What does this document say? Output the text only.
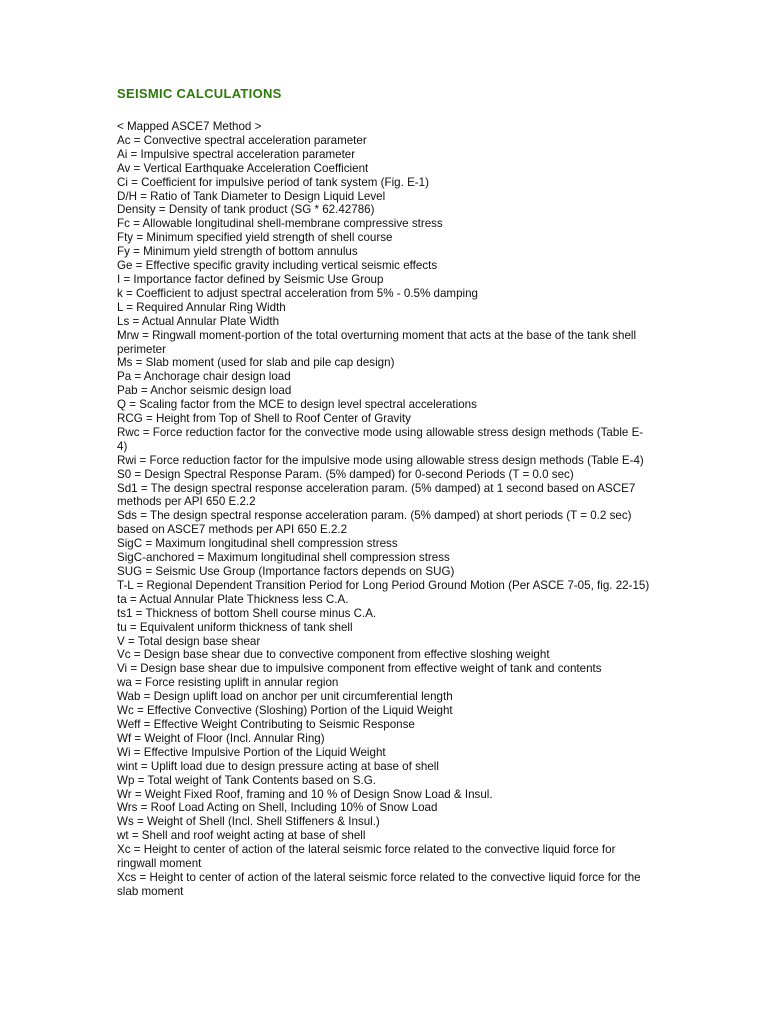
SEISMIC CALCULATIONS
< Mapped ASCE7 Method >
Ac = Convective spectral acceleration parameter
Ai = Impulsive spectral acceleration parameter
Av = Vertical Earthquake Acceleration Coefficient
Ci = Coefficient for impulsive period of tank system (Fig. E-1)
D/H = Ratio of Tank Diameter to Design Liquid Level
Density = Density of tank product (SG * 62.42786)
Fc = Allowable longitudinal shell-membrane compressive stress
Fty = Minimum specified yield strength of shell course
Fy = Minimum yield strength of bottom annulus
Ge = Effective specific gravity including vertical seismic effects
I = Importance factor defined by Seismic Use Group
k = Coefficient to adjust spectral acceleration from 5% - 0.5% damping
L = Required Annular Ring Width
Ls = Actual Annular Plate Width
Mrw = Ringwall moment-portion of the total overturning moment that acts at the base of the tank shell perimeter
Ms = Slab moment (used for slab and pile cap design)
Pa = Anchorage chair design load
Pab = Anchor seismic design load
Q = Scaling factor from the MCE to design level spectral accelerations
RCG = Height from Top of Shell to Roof Center of Gravity
Rwc = Force reduction factor for the convective mode using allowable stress design methods (Table E-4)
Rwi = Force reduction factor for the impulsive mode using allowable stress design methods (Table E-4)
S0 = Design Spectral Response Param. (5% damped) for 0-second Periods (T = 0.0 sec)
Sd1 = The design spectral response acceleration param. (5% damped) at 1 second based on ASCE7 methods per API 650 E.2.2
Sds = The design spectral response acceleration param. (5% damped) at short periods (T = 0.2 sec) based on ASCE7 methods per API 650 E.2.2
SigC = Maximum longitudinal shell compression stress
SigC-anchored = Maximum longitudinal shell compression stress
SUG = Seismic Use Group (Importance factors depends on SUG)
T-L = Regional Dependent Transition Period for Long Period Ground Motion (Per ASCE 7-05, fig. 22-15)
ta = Actual Annular Plate Thickness less C.A.
ts1 = Thickness of bottom Shell course minus C.A.
tu = Equivalent uniform thickness of tank shell
V = Total design base shear
Vc = Design base shear due to convective component from effective sloshing weight
Vi = Design base shear due to impulsive component from effective weight of tank and contents
wa = Force resisting uplift in annular region
Wab = Design uplift load on anchor per unit circumferential length
Wc = Effective Convective (Sloshing) Portion of the Liquid Weight
Weff = Effective Weight Contributing to Seismic Response
Wf = Weight of Floor (Incl. Annular Ring)
Wi = Effective Impulsive Portion of the Liquid Weight
wint = Uplift load due to design pressure acting at base of shell
Wp = Total weight of Tank Contents based on S.G.
Wr = Weight Fixed Roof, framing and 10 % of Design Snow Load & Insul.
Wrs = Roof Load Acting on Shell, Including 10% of Snow Load
Ws = Weight of Shell (Incl. Shell Stiffeners & Insul.)
wt = Shell and roof weight acting at base of shell
Xc = Height to center of action of the lateral seismic force related to the convective liquid force for ringwall moment
Xcs = Height to center of action of the lateral seismic force related to the convective liquid force for the slab moment
